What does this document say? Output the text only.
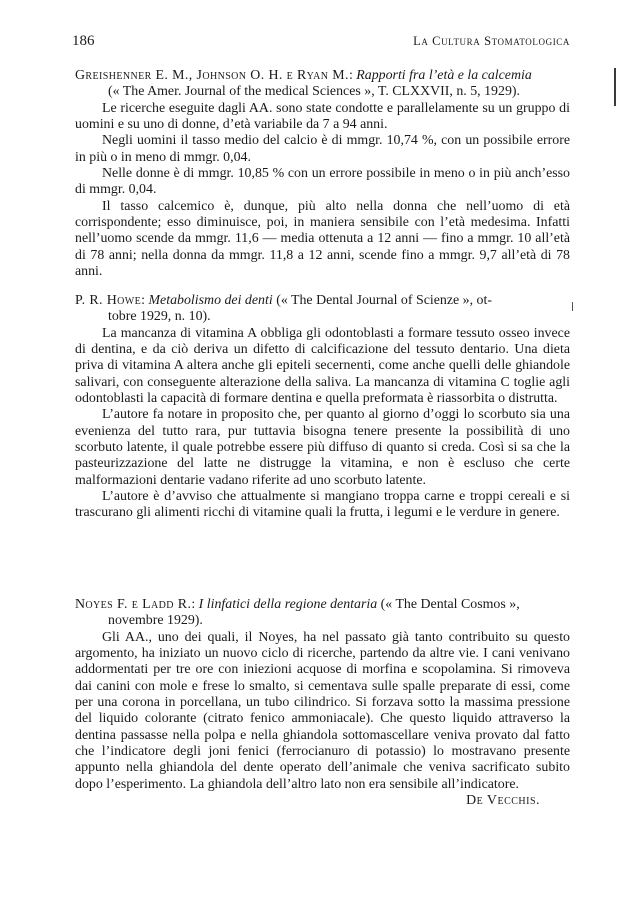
186	La Cultura Stomatologica

Greishenner E. M., Johnson O. H. e Ryan M.: Rapporti fra l’età e la calcemia

(« The Amer. Journal of the medical Sciences », T. CLXXVII, n. 5, 1929).

Le ricerche eseguite dagli AA. sono state condotte e parallelamente su un gruppo di uomini e su uno di donne, d’età variabile da 7 a 94 anni.

Negli uomini il tasso medio del calcio è di mmgr. 10,74 %, con un possibile errore in più o in meno di mmgr. 0,04.

Nelle donne è di mmgr. 10,85 % con un errore possibile in meno o in più anch’esso di mmgr. 0,04.

Il tasso calcemico è, dunque, più alto nella donna che nell’uomo di età corrispondente; esso diminuisce, poi, in maniera sensibile con l’età medesima. Infatti nell’uomo scende da mmgr. 11,6 — media ottenuta a 12 anni — fino a mmgr. 10 all’età di 78 anni; nella donna da mmgr. 11,8 a 12 anni, scende fino a mmgr. 9,7 all’età di 78 anni.

P. R. Howe: Metabolismo dei denti (« The Dental Journal of Scienze », ot-

tobre 1929, n. 10).

La mancanza di vitamina A obbliga gli odontoblasti a formare tessuto osseo invece di dentina, e da ciò deriva un difetto di calcificazione del tessuto dentario. Una dieta priva di vitamina A altera anche gli epiteli secernenti, come anche quelli delle ghiandole salivari, con conseguente alterazione della saliva. La mancanza di vitamina C toglie agli odontoblasti la capacità di formare dentina e quella preformata è riassorbita o distrutta.

L’autore fa notare in proposito che, per quanto al giorno d’oggi lo scorbuto sia una evenienza del tutto rara, pur tuttavia bisogna tenere presente la possibilità di uno scorbuto latente, il quale potrebbe essere più diffuso di quanto si creda. Così si sa che la pasteurizzazione del latte ne distrugge la vitamina, e non è escluso che certe malformazioni dentarie vadano riferite ad uno scorbuto latente.

L’autore è d’avviso che attualmente si mangiano troppa carne e troppi cereali e si trascurano gli alimenti ricchi di vitamine quali la frutta, i legumi e le verdure in genere.

Noyes F. e Ladd R.: I linfatici della regione dentaria (« The Dental Cosmos »,

novembre 1929).

Gli AA., uno dei quali, il Noyes, ha nel passato già tanto contribuito su questo argomento, ha iniziato un nuovo ciclo di ricerche, partendo da altre vie. I cani venivano addormentati per tre ore con iniezioni acquose di morfina e scopolamina. Si rimoveva dai canini con mole e frese lo smalto, si cementava sulle spalle preparate di essi, come per una corona in porcellana, un tubo cilindrico. Si forzava sotto la massima pressione del liquido colorante (citrato fenico ammoniacale). Che questo liquido attraverso la dentina passasse nella polpa e nella ghiandola sottomascellare veniva provato dal fatto che l’indicatore degli joni fenici (ferrocianuro di potassio) lo mostravano presente appunto nella ghiandola del dente operato dell’animale che veniva sacrificato subito dopo l’esperimento. La ghiandola dell’altro lato non era sensibile all’indicatore.

De Vecchis.
